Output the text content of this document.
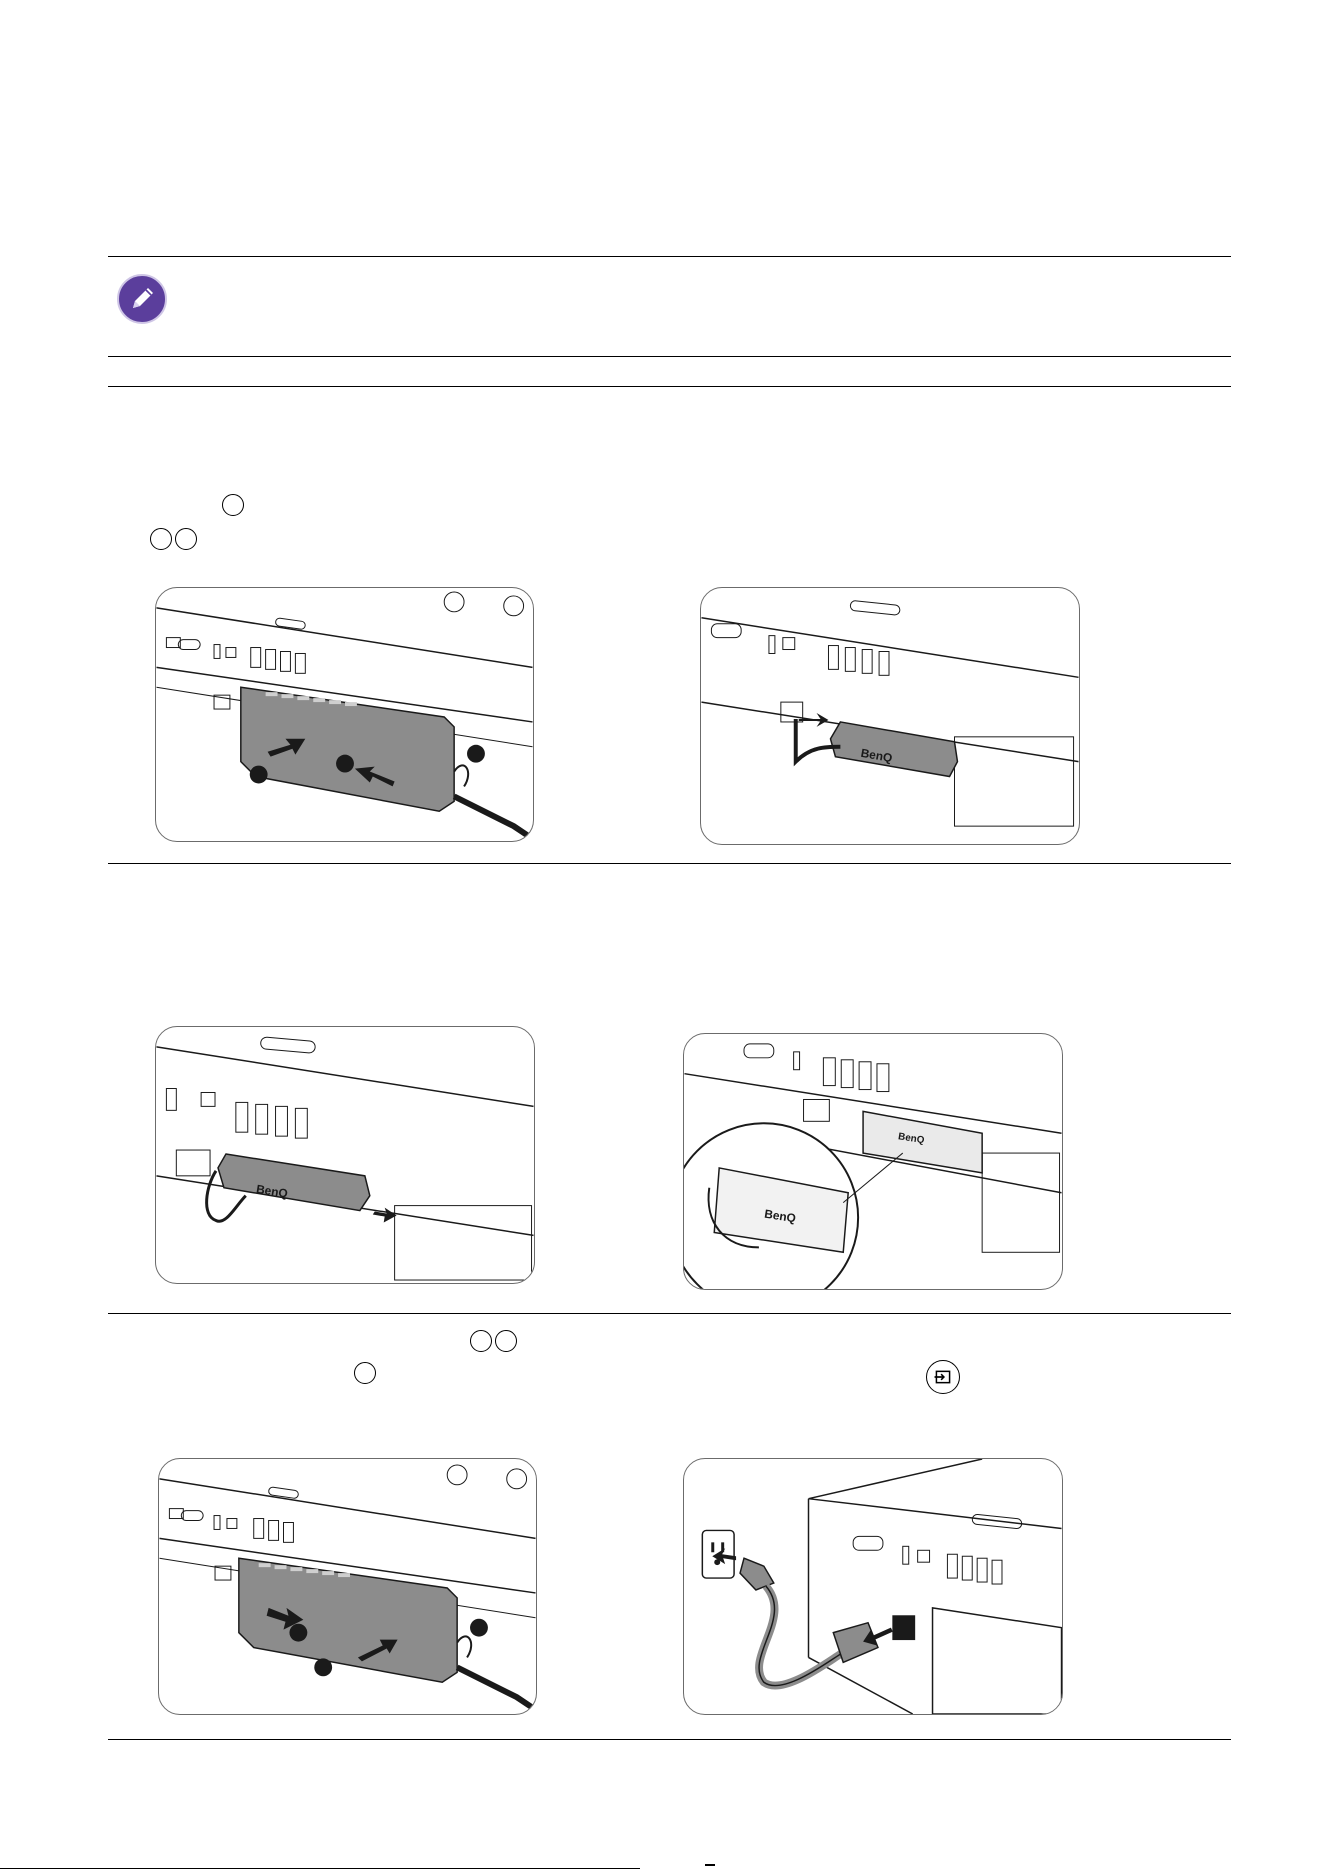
BenQ
BenQ
BenQ
BenQ
